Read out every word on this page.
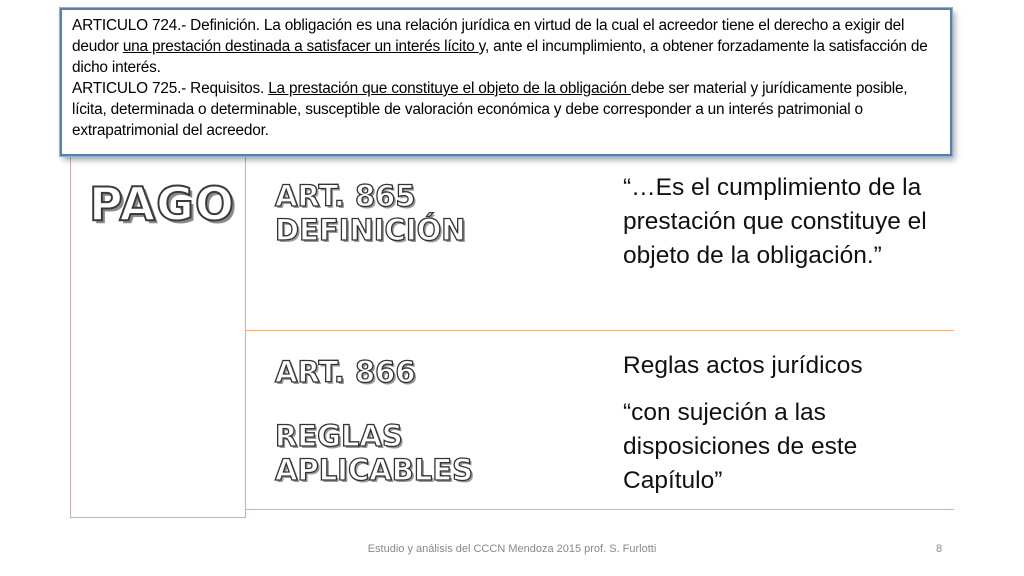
ARTICULO 724.- Definición. La obligación es una relación jurídica en virtud de la cual el acreedor tiene el derecho a exigir del deudor una prestación destinada a satisfacer un interés lícito y, ante el incumplimiento, a obtener forzadamente la satisfacción de dicho interés.

ARTICULO 725.- Requisitos. La prestación que constituye el objeto de la obligación debe ser material y jurídicamente posible, lícita, determinada o determinable, susceptible de valoración económica y debe corresponder a un interés patrimonial o extrapatrimonial del acreedor.

PAGO ART. 865
DEFINICIÓN
“…Es el cumplimiento de la prestación que constituye el objeto de la obligación.”
ART. 866
REGLAS
APLICABLES
Reglas actos jurídicos
“con sujeción a las disposiciones de este Capítulo”
Estudio y análisis del CCCN Mendoza 2015 prof. S. Furlotti	8
